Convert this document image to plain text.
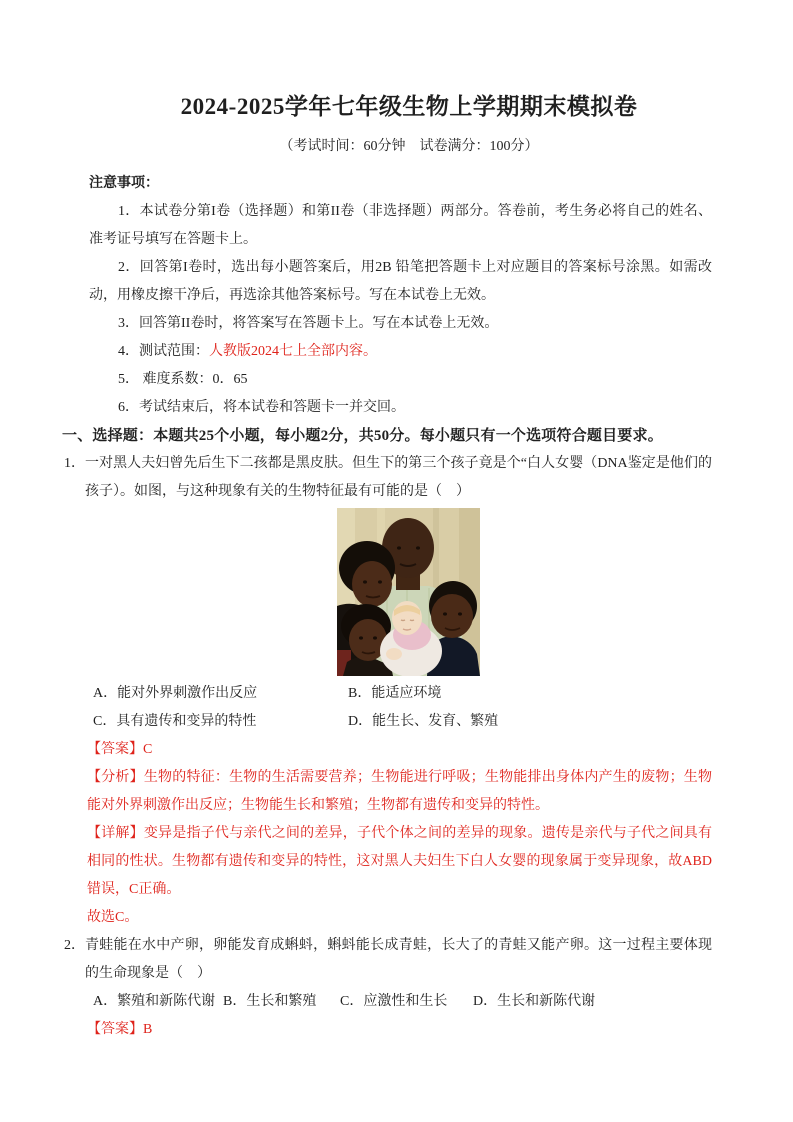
2024-2025学年七年级生物上学期期末模拟卷

（考试时间：60分钟　试卷满分：100分）

注意事项：

1．本试卷分第I卷（选择题）和第II卷（非选择题）两部分。答卷前，考生务必将自己的姓名、准考证号填写在答题卡上。

2．回答第I卷时，选出每小题答案后，用2B 铅笔把答题卡上对应题目的答案标号涂黑。如需改动，用橡皮擦干净后，再选涂其他答案标号。写在本试卷上无效。

3．回答第II卷时，将答案写在答题卡上。写在本试卷上无效。

4．测试范围：人教版2024七上全部内容。

5． 难度系数：0．65

6．考试结束后，将本试卷和答题卡一并交回。

一、选择题：本题共25个小题，每小题2分，共50分。每小题只有一个选项符合题目要求。

1． 一对黑人夫妇曾先后生下二孩都是黑皮肤。但生下的第三个孩子竟是个“白人女婴（DNA鉴定是他们的孩子）。如图，与这种现象有关的生物特征最有可能的是（　）

A．能对外界刺激作出反应	B．能适应环境
C．具有遗传和变异的特性	D．能生长、发育、繁殖

【答案】C

【分析】生物的特征：生物的生活需要营养；生物能进行呼吸；生物能排出身体内产生的废物；生物能对外界刺激作出反应；生物能生长和繁殖；生物都有遗传和变异的特性。

【详解】变异是指子代与亲代之间的差异，子代个体之间的差异的现象。遗传是亲代与子代之间具有相同的性状。生物都有遗传和变异的特性，这对黑人夫妇生下白人女婴的现象属于变异现象，故ABD错误，C正确。

故选C。

2． 青蛙能在水中产卵，卵能发育成蝌蚪，蝌蚪能长成青蛙，长大了的青蛙又能产卵。这一过程主要体现的生命现象是（　）

A．繁殖和新陈代谢 B．生长和繁殖 C．应激性和生长 D．生长和新陈代谢

【答案】B
